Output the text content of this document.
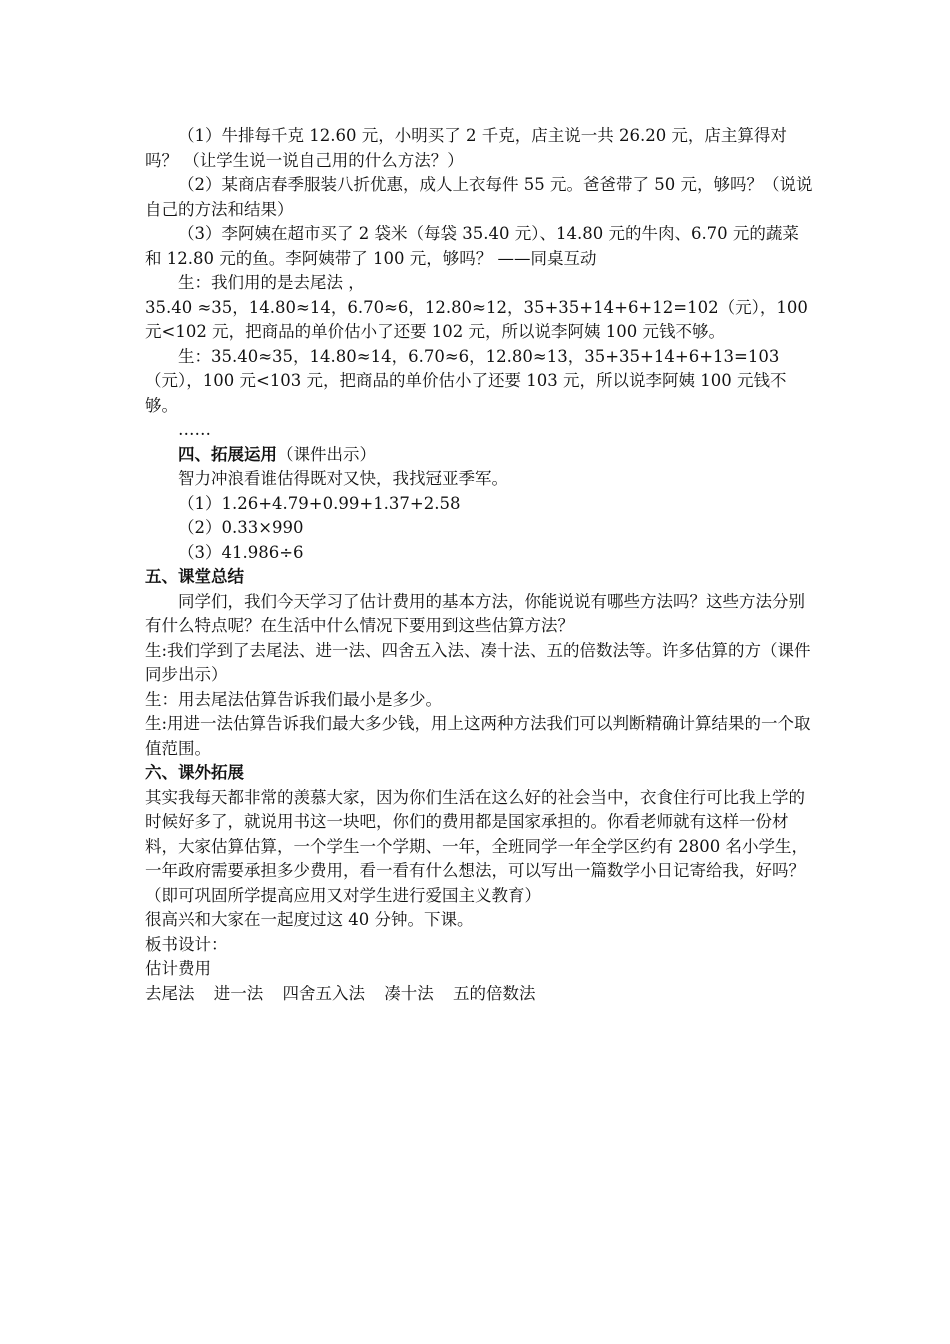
（1）牛排每千克 12.60 元，小明买了 2 千克，店主说一共 26.20 元，店主算得对吗？ （让学生说一说自己用的什么方法？）

（2）某商店春季服装八折优惠，成人上衣每件 55 元。爸爸带了 50 元，够吗？（说说自己的方法和结果）

（3）李阿姨在超市买了 2 袋米（每袋 35.40 元）、14.80 元的牛肉、6.70 元的蔬菜和 12.80 元的鱼。李阿姨带了 100 元，够吗？ ——同桌互动

生：我们用的是去尾法 ，

35.40 ≈35，14.80≈14，6.70≈6，12.80≈12，35+35+14+6+12=102（元），100 元<102 元，把商品的单价估小了还要 102 元，所以说李阿姨 100 元钱不够。

生：35.40≈35，14.80≈14，6.70≈6，12.80≈13，35+35+14+6+13=103（元），100 元<103 元，把商品的单价估小了还要 103 元，所以说李阿姨 100 元钱不够。

……

四、拓展运用（课件出示）

智力冲浪看谁估得既对又快，我找冠亚季军。

（1）1.26+4.79+0.99+1.37+2.58

（2）0.33×990

（3）41.986÷6

五、课堂总结

同学们，我们今天学习了估计费用的基本方法，你能说说有哪些方法吗？这些方法分别有什么特点呢？在生活中什么情况下要用到这些估算方法？

生:我们学到了去尾法、进一法、四舍五入法、凑十法、五的倍数法等。许多估算的方（课件同步出示）

生：用去尾法估算告诉我们最小是多少。

生:用进一法估算告诉我们最大多少钱，用上这两种方法我们可以判断精确计算结果的一个取值范围。

六、课外拓展

其实我每天都非常的羡慕大家，因为你们生活在这么好的社会当中，衣食住行可比我上学的时候好多了，就说用书这一块吧，你们的费用都是国家承担的。你看老师就有这样一份材料，大家估算估算，一个学生一个学期、一年，全班同学一年全学区约有 2800 名小学生，一年政府需要承担多少费用，看一看有什么想法，可以写出一篇数学小日记寄给我，好吗？（即可巩固所学提高应用又对学生进行爱国主义教育）

很高兴和大家在一起度过这 40 分钟。下课。

板书设计：

估计费用

去尾法 进一法 四舍五入法 凑十法 五的倍数法
